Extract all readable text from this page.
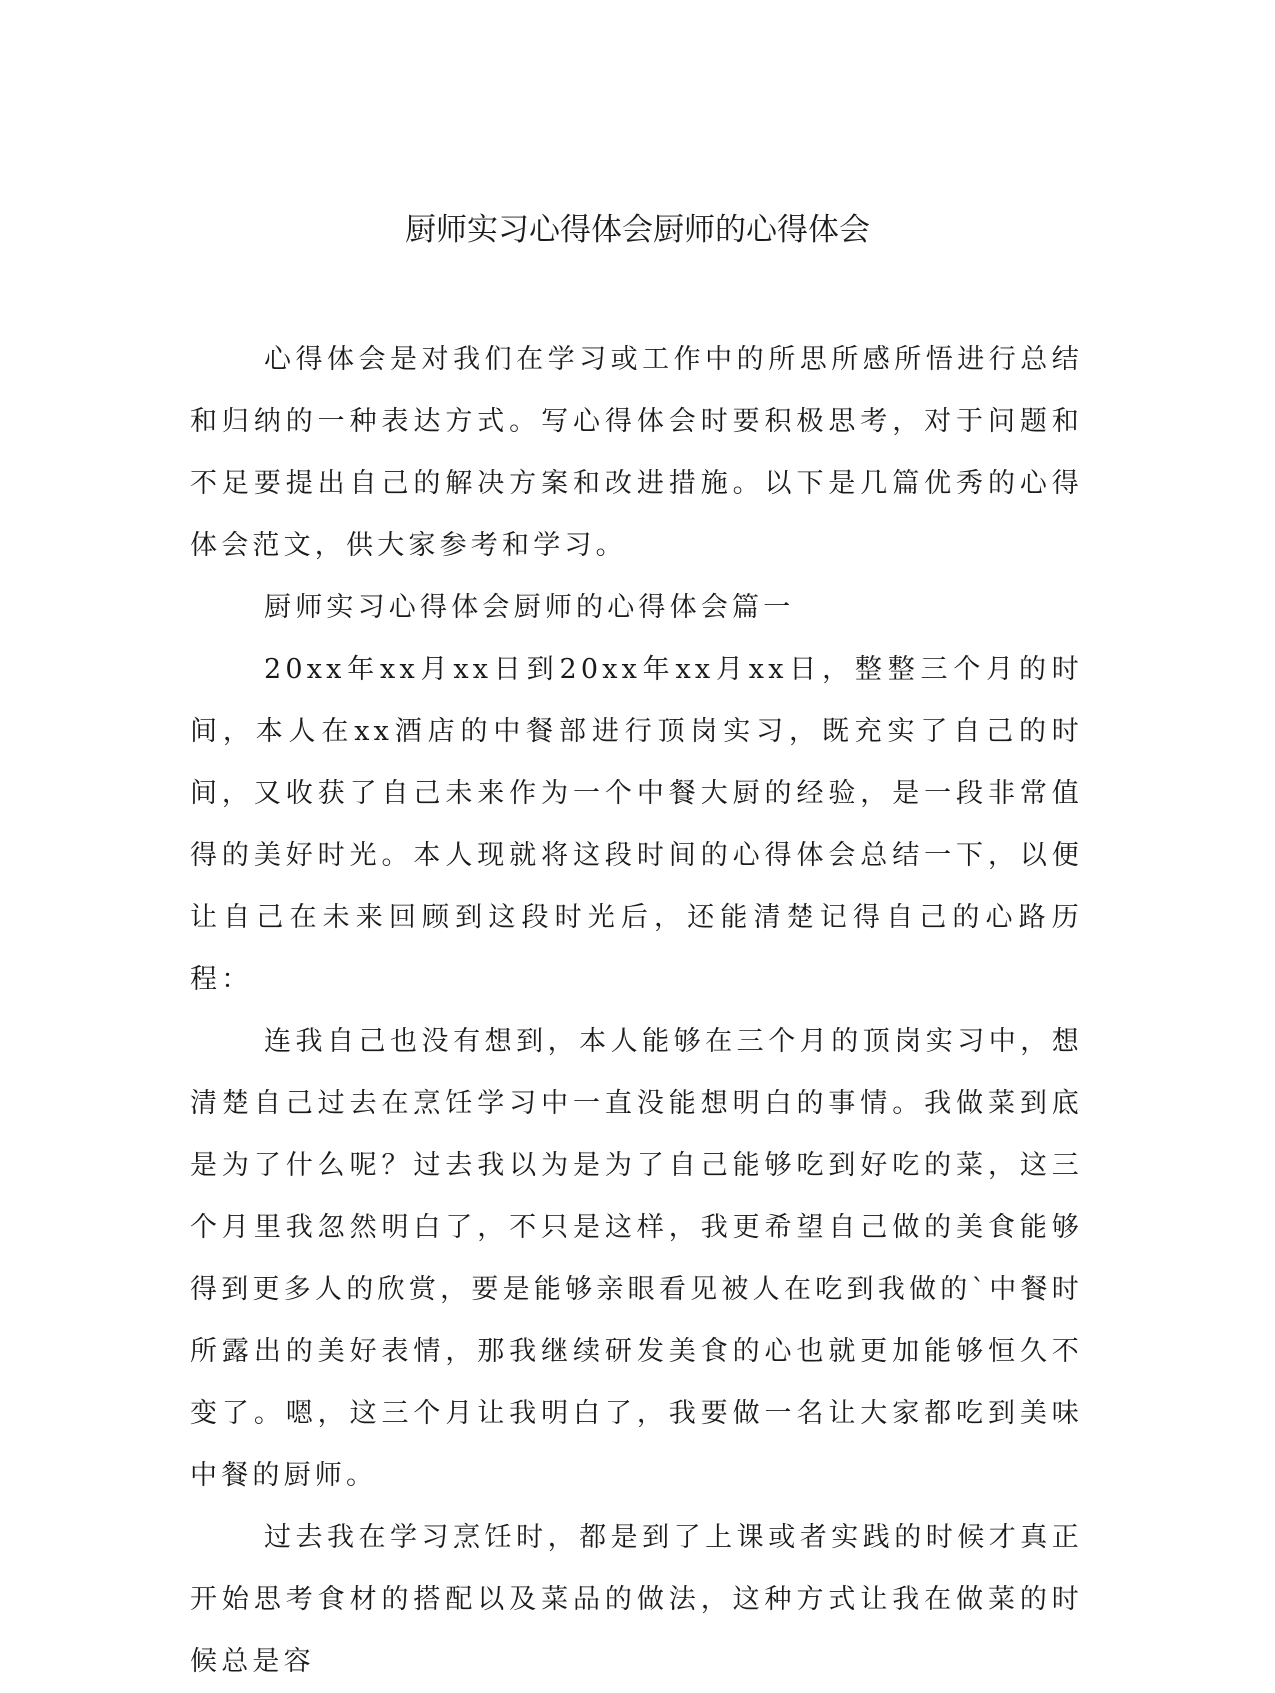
厨师实习心得体会厨师的心得体会

心得体会是对我们在学习或工作中的所思所感所悟进行总结和归纳的一种表达方式。写心得体会时要积极思考，对于问题和不足要提出自己的解决方案和改进措施。以下是几篇优秀的心得体会范文，供大家参考和学习。

厨师实习心得体会厨师的心得体会篇一

20xx年xx月xx日到20xx年xx月xx日，整整三个月的时间，本人在xx酒店的中餐部进行顶岗实习，既充实了自己的时间，又收获了自己未来作为一个中餐大厨的经验，是一段非常值得的美好时光。本人现就将这段时间的心得体会总结一下，以便让自己在未来回顾到这段时光后，还能清楚记得自己的心路历程：

连我自己也没有想到，本人能够在三个月的顶岗实习中，想清楚自己过去在烹饪学习中一直没能想明白的事情。我做菜到底是为了什么呢？过去我以为是为了自己能够吃到好吃的菜，这三个月里我忽然明白了，不只是这样，我更希望自己做的美食能够得到更多人的欣赏，要是能够亲眼看见被人在吃到我做的`中餐时所露出的美好表情，那我继续研发美食的心也就更加能够恒久不变了。嗯，这三个月让我明白了，我要做一名让大家都吃到美味中餐的厨师。

过去我在学习烹饪时，都是到了上课或者实践的时候才真正开始思考食材的搭配以及菜品的做法，这种方式让我在做菜的时候总是容
